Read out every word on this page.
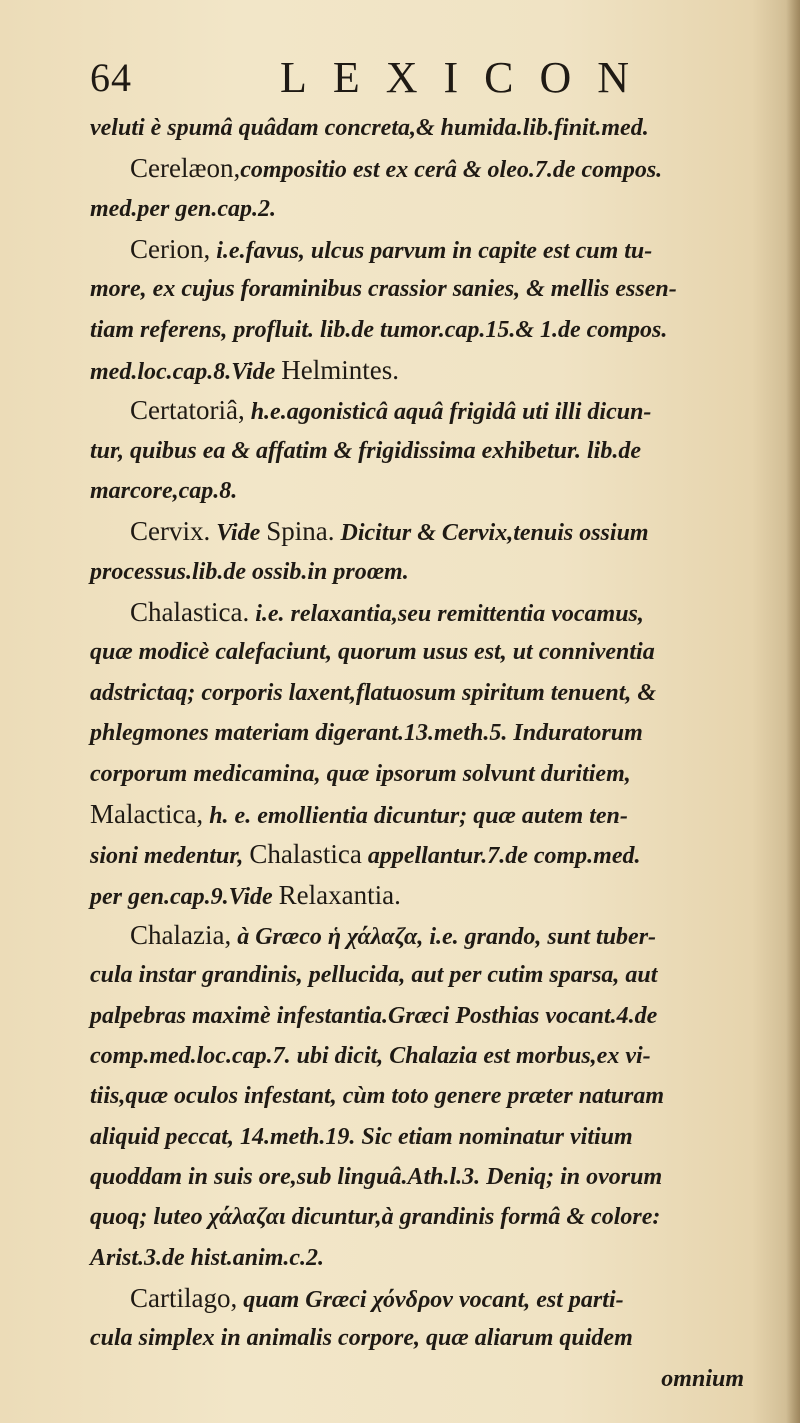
64	LEXICON
veluti è spumâ quâdam concreta,& humida.lib.finit.med.
Cerelæon,compositio est ex cerâ & oleo.7.de compos.
med.per gen.cap.2.
Cerion, i.e.favus, ulcus parvum in capite est cum tu-
more, ex cujus foraminibus crassior sanies, & mellis essen-
tiam referens, profluit. lib.de tumor.cap.15.& 1.de compos.
med.loc.cap.8.Vide Helmintes.
Certatoriâ, h.e.agonisticâ aquâ frigidâ uti illi dicun-
tur, quibus ea & affatim & frigidissima exhibetur. lib.de
marcore,cap.8.
Cervix. Vide Spina. Dicitur & Cervix,tenuis ossium
processus.lib.de ossib.in proœm.
Chalastica. i.e. relaxantia,seu remittentia vocamus,
quæ modicè calefaciunt, quorum usus est, ut conniventia
adstrictaq; corporis laxent,flatuosum spiritum tenuent, &
phlegmones materiam digerant.13.meth.5. Induratorum
corporum medicamina, quæ ipsorum solvunt duritiem,
Malactica, h. e. emollientia dicuntur; quæ autem ten-
sioni medentur, Chalastica appellantur.7.de comp.med.
per gen.cap.9.Vide Relaxantia.
Chalazia, à Græco ἡ χάλαζα, i.e. grando, sunt tuber-
cula instar grandinis, pellucida, aut per cutim sparsa, aut
palpebras maximè infestantia.Græci Posthias vocant.4.de
comp.med.loc.cap.7. ubi dicit, Chalazia est morbus,ex vi-
tiis,quæ oculos infestant, cùm toto genere præter naturam
aliquid peccat, 14.meth.19. Sic etiam nominatur vitium
quoddam in suis ore,sub linguâ.Ath.l.3. Deniq; in ovorum
quoq; luteo χάλαζαι dicuntur,à grandinis formâ & colore:
Arist.3.de hist.anim.c.2.
Cartilago, quam Græci χόνδρον vocant, est parti-
cula simplex in animalis corpore, quæ aliarum quidem
omnium
